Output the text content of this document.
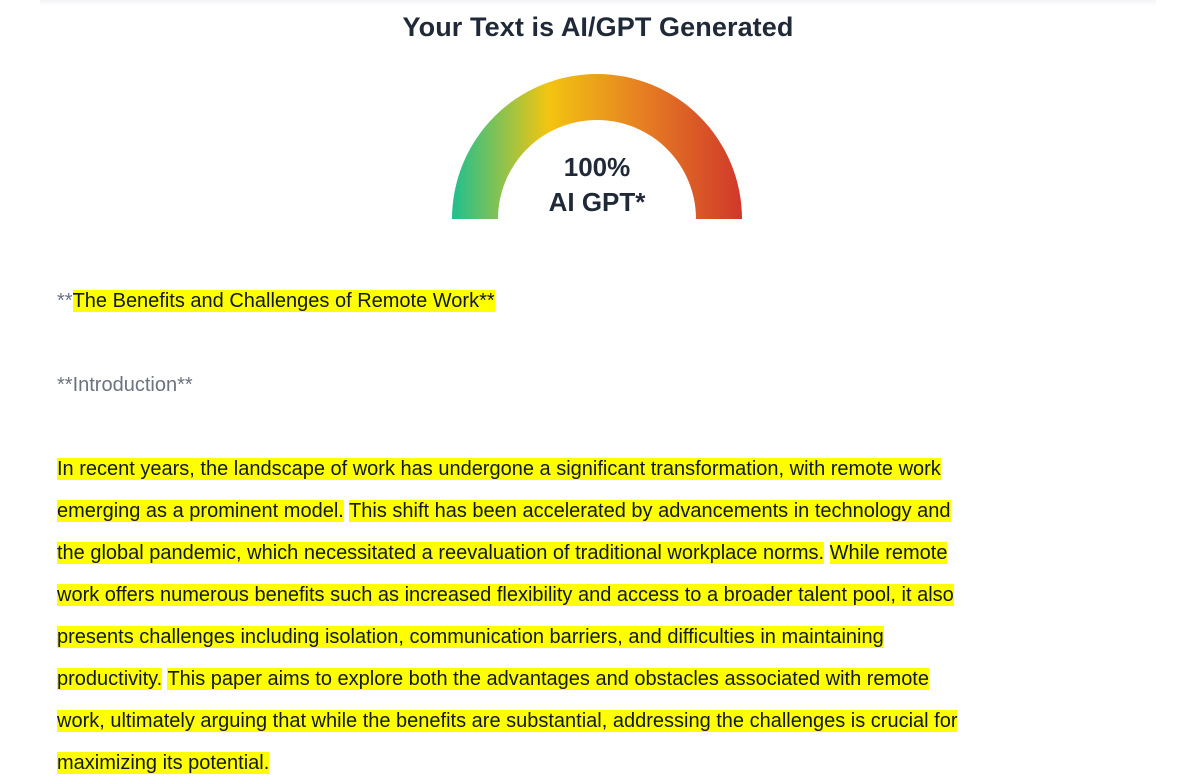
Your Text is AI/GPT Generated
100%
AI GPT*
**The Benefits and Challenges of Remote Work**
**Introduction**
In recent years, the landscape of work has undergone a significant transformation, with remote work
emerging as a prominent model. This shift has been accelerated by advancements in technology and
the global pandemic, which necessitated a reevaluation of traditional workplace norms. While remote
work offers numerous benefits such as increased flexibility and access to a broader talent pool, it also
presents challenges including isolation, communication barriers, and difficulties in maintaining
productivity. This paper aims to explore both the advantages and obstacles associated with remote
work, ultimately arguing that while the benefits are substantial, addressing the challenges is crucial for
maximizing its potential.
